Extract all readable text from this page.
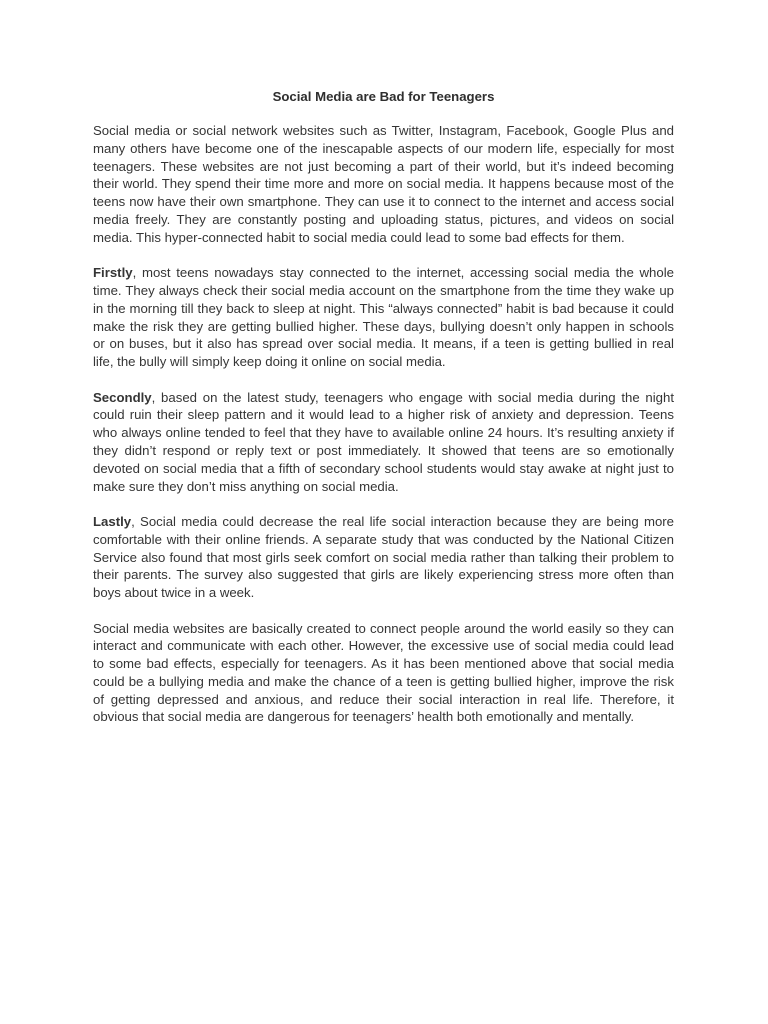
Social Media are Bad for Teenagers

Social media or social network websites such as Twitter, Instagram, Facebook, Google Plus and many others have become one of the inescapable aspects of our modern life, especially for most teenagers. These websites are not just becoming a part of their world, but it’s indeed becoming their world. They spend their time more and more on social media. It happens because most of the teens now have their own smartphone. They can use it to connect to the internet and access social media freely. They are constantly posting and uploading status, pictures, and videos on social media. This hyper-connected habit to social media could lead to some bad effects for them.

Firstly, most teens nowadays stay connected to the internet, accessing social media the whole time. They always check their social media account on the smartphone from the time they wake up in the morning till they back to sleep at night. This “always connected” habit is bad because it could make the risk they are getting bullied higher. These days, bullying doesn’t only happen in schools or on buses, but it also has spread over social media. It means, if a teen is getting bullied in real life, the bully will simply keep doing it online on social media.

Secondly, based on the latest study, teenagers who engage with social media during the night could ruin their sleep pattern and it would lead to a higher risk of anxiety and depression. Teens who always online tended to feel that they have to available online 24 hours. It’s resulting anxiety if they didn’t respond or reply text or post immediately. It showed that teens are so emotionally devoted on social media that a fifth of secondary school students would stay awake at night just to make sure they don’t miss anything on social media.

Lastly, Social media could decrease the real life social interaction because they are being more comfortable with their online friends. A separate study that was conducted by the National Citizen Service also found that most girls seek comfort on social media rather than talking their problem to their parents. The survey also suggested that girls are likely experiencing stress more often than boys about twice in a week.

Social media websites are basically created to connect people around the world easily so they can interact and communicate with each other. However, the excessive use of social media could lead to some bad effects, especially for teenagers. As it has been mentioned above that social media could be a bullying media and make the chance of a teen is getting bullied higher, improve the risk of getting depressed and anxious, and reduce their social interaction in real life. Therefore, it obvious that social media are dangerous for teenagers’ health both emotionally and mentally.
